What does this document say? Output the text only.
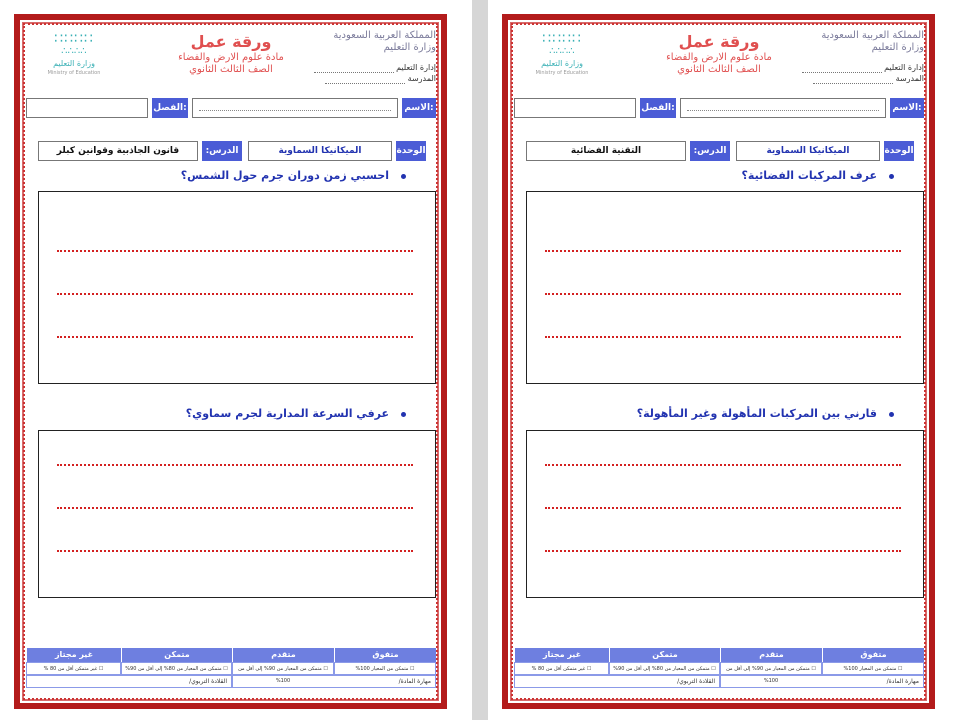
المملكة العربية السعودية
وزارة التعليم
إدارة التعليم
المدرسة
ورقة عمل
مادة علوم الارض والفضاء
الصف الثالث الثانوي
∷∷∷∷
∴∴∴∴
وزارة التعليم
Ministry of Education
الاسم:
الفصل:
الوحدة
الميكانيكا السماوية
الدرس:
قانون الجاذبية وقوانين كبلر
احسبي زمن دوران جرم حول الشمس؟
عرفي السرعة المدارية لجرم سماوي؟
متفوق
متقدم
متمكن
غير مجتاز
☐ متمكن من المعيار 100%
☐ متمكن من المعيار من 90% إلى أقل من 100%
☐ متمكن من المعيار من 80% إلى أقل من 90%
☐ غير متمكن أقل من 80 %
مهارة المادة/
القلادة التربوي/
المملكة العربية السعودية
وزارة التعليم
إدارة التعليم
المدرسة
ورقة عمل
مادة علوم الارض والفضاء
الصف الثالث الثانوي
∷∷∷∷
∴∴∴∴
وزارة التعليم
Ministry of Education
الاسم:
الفصل:
الوحدة
الميكانيكا السماوية
الدرس:
التقنية الفضائية
عرف المركبات الفضائية؟
قارني بين المركبات المأهولة وغير المأهولة؟
متفوق
متقدم
متمكن
غير مجتاز
☐ متمكن من المعيار 100%
☐ متمكن من المعيار من 90% إلى أقل من 100%
☐ متمكن من المعيار من 80% إلى أقل من 90%
☐ غير متمكن أقل من 80 %
مهارة المادة/
القلادة التربوي/
